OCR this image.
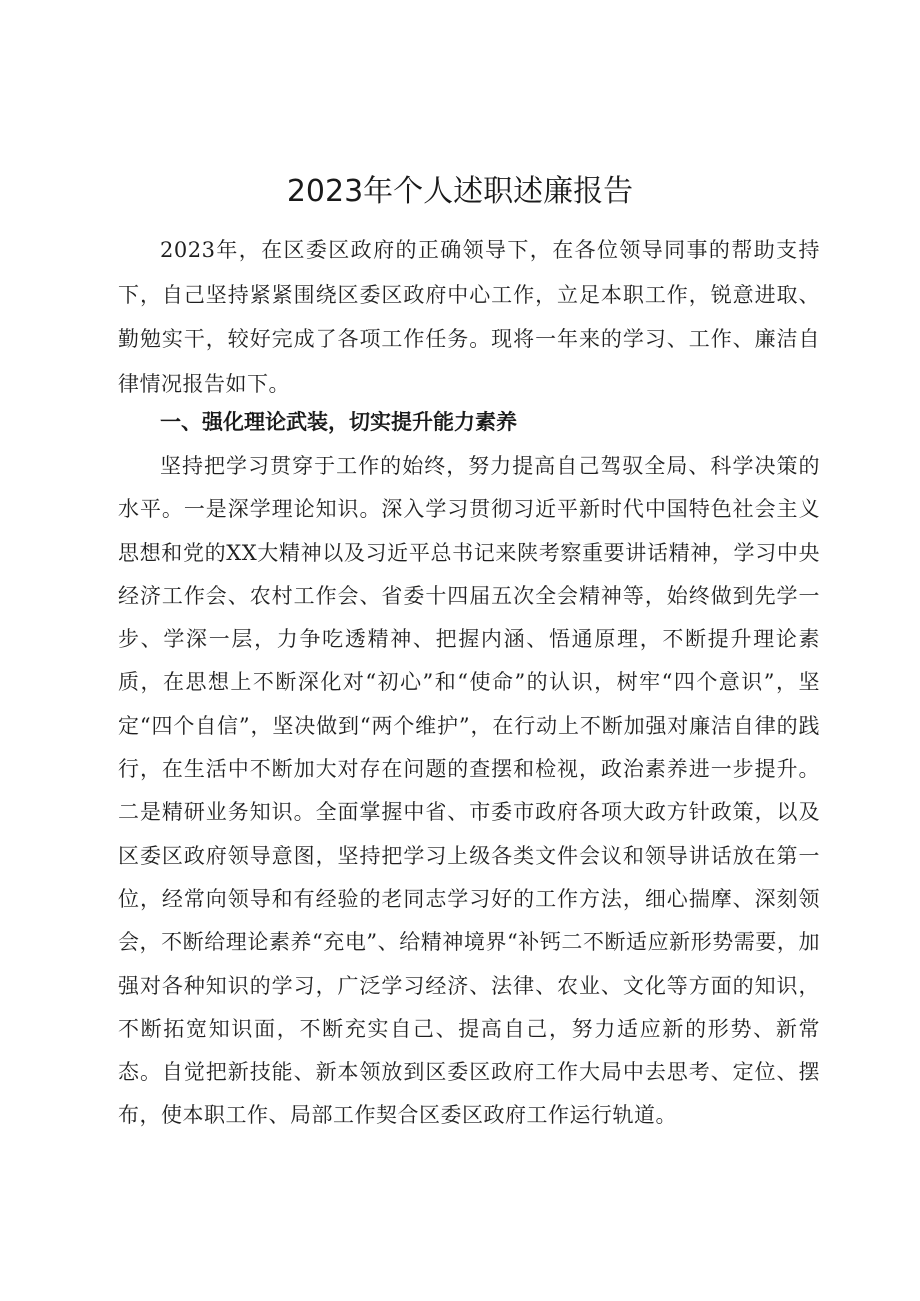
2023年个人述职述廉报告

2023年，在区委区政府的正确领导下，在各位领导同事的帮助支持下，自己坚持紧紧围绕区委区政府中心工作，立足本职工作，锐意进取、勤勉实干，较好完成了各项工作任务。现将一年来的学习、工作、廉洁自律情况报告如下。

一、强化理论武装，切实提升能力素养

坚持把学习贯穿于工作的始终，努力提高自己驾驭全局、科学决策的水平。一是深学理论知识。深入学习贯彻习近平新时代中国特色社会主义思想和党的XX大精神以及习近平总书记来陕考察重要讲话精神，学习中央经济工作会、农村工作会、省委十四届五次全会精神等，始终做到先学一步、学深一层，力争吃透精神、把握内涵、悟通原理，不断提升理论素质，在思想上不断深化对“初心”和“使命”的认识，树牢“四个意识”，坚定“四个自信”，坚决做到“两个维护”，在行动上不断加强对廉洁自律的践行，在生活中不断加大对存在问题的查摆和检视，政治素养进一步提升。二是精研业务知识。全面掌握中省、市委市政府各项大政方针政策，以及区委区政府领导意图，坚持把学习上级各类文件会议和领导讲话放在第一位，经常向领导和有经验的老同志学习好的工作方法，细心揣摩、深刻领会，不断给理论素养“充电”、给精神境界“补钙二不断适应新形势需要，加强对各种知识的学习，广泛学习经济、法律、农业、文化等方面的知识，不断拓宽知识面，不断充实自己、提高自己，努力适应新的形势、新常态。自觉把新技能、新本领放到区委区政府工作大局中去思考、定位、摆布，使本职工作、局部工作契合区委区政府工作运行轨道。
